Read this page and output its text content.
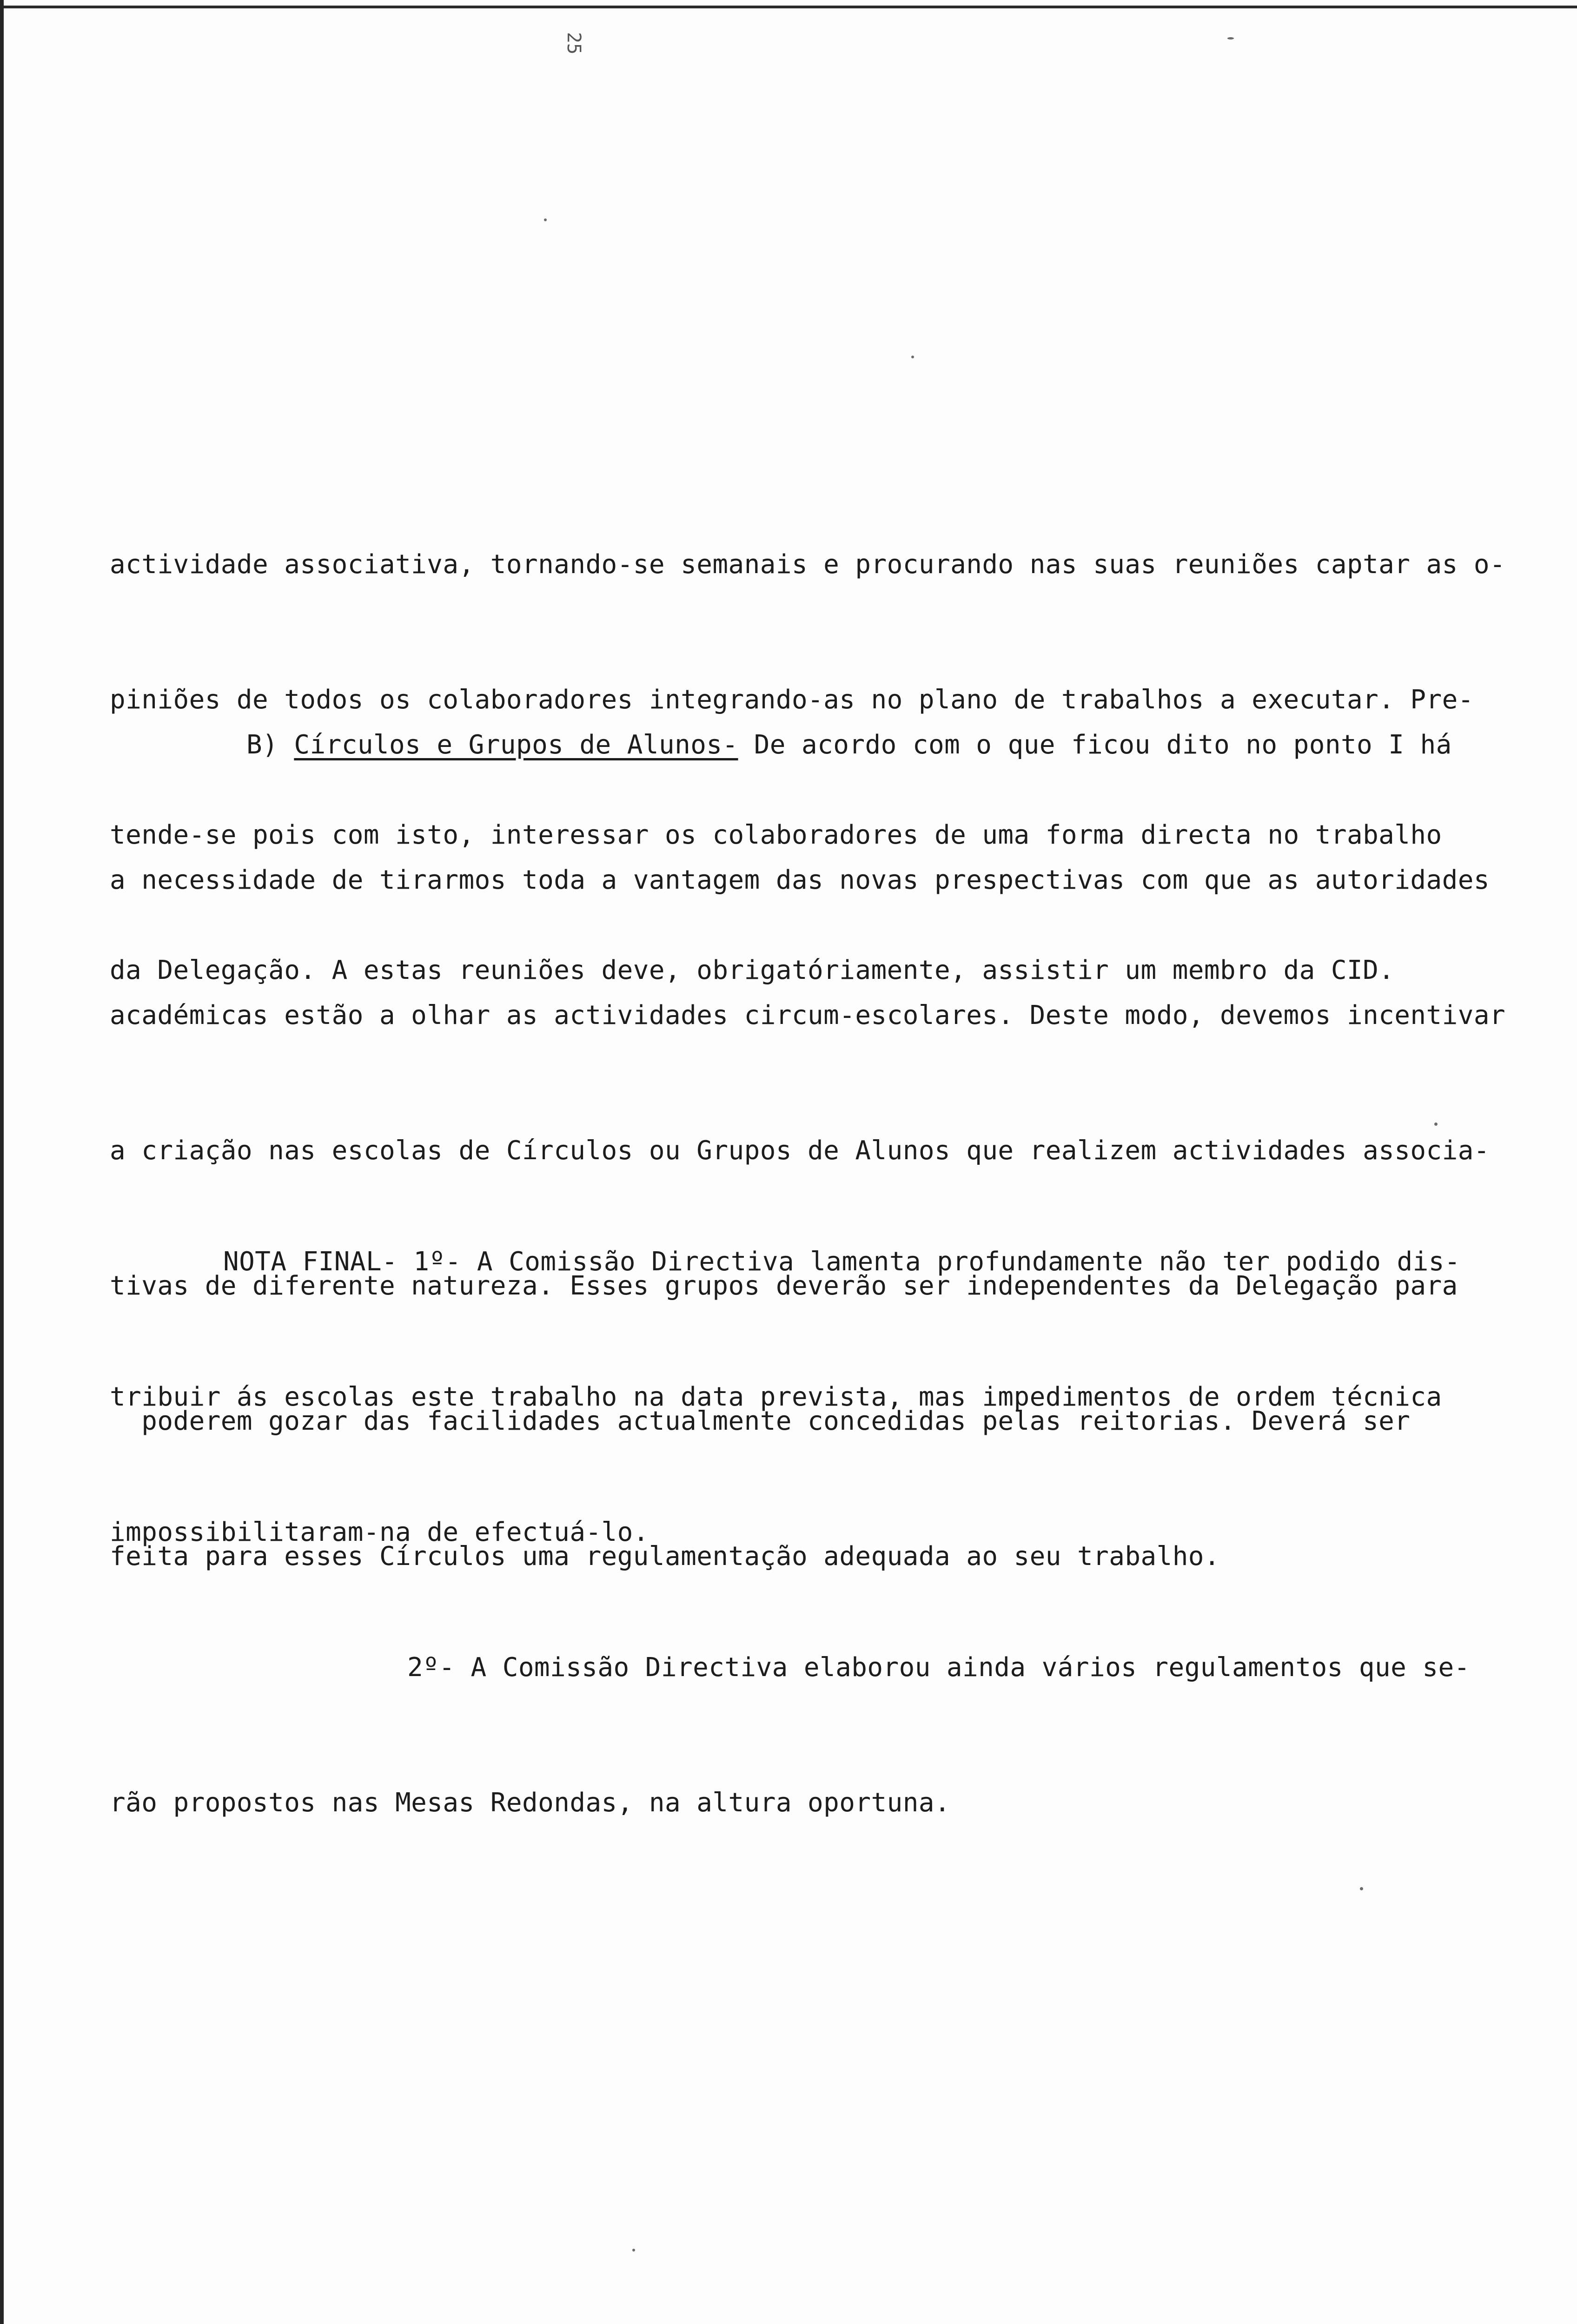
25

actividade associativa, tornando-se semanais e procurando nas suas reuniões captar as o-

piniões de todos os colaboradores integrando-as no plano de trabalhos a executar. Pre-

tende-se pois com isto, interessar os colaboradores de uma forma directa no trabalho

da Delegação. A estas reuniões deve, obrigatóriamente, assistir um membro da CID.

B) Círculos e Grupos de Alunos- De acordo com o que ficou dito no ponto I há

a necessidade de tirarmos toda a vantagem das novas prespectivas com que as autoridades

académicas estão a olhar as actividades circum-escolares. Deste modo, devemos incentivar

a criação nas escolas de Círculos ou Grupos de Alunos que realizem actividades associa-

tivas de diferente natureza. Esses grupos deverão ser independentes da Delegação para

poderem gozar das facilidades actualmente concedidas pelas reitorias. Deverá ser

feita para esses Círculos uma regulamentação adequada ao seu trabalho.

NOTA FINAL- 1º- A Comissão Directiva lamenta profundamente não ter podido dis-

tribuir ás escolas este trabalho na data prevista, mas impedimentos de ordem técnica

impossibilitaram-na de efectuá-lo.

2º- A Comissão Directiva elaborou ainda vários regulamentos que se-

rão propostos nas Mesas Redondas, na altura oportuna.
